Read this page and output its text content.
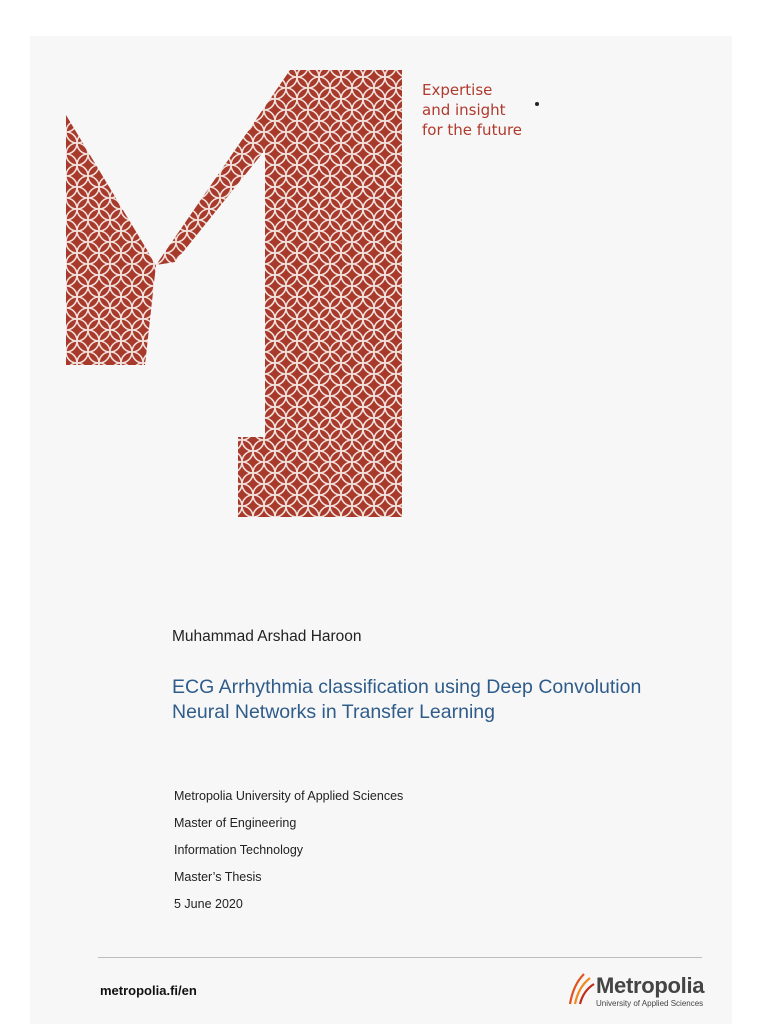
Expertise
and insight
for the future
Muhammad Arshad Haroon
ECG Arrhythmia classification using Deep Convolution
Neural Networks in Transfer Learning
Metropolia University of Applied Sciences
Master of Engineering
Information Technology
Master’s Thesis
5 June 2020
metropolia.fi/en	Metropolia
University of Applied Sciences
